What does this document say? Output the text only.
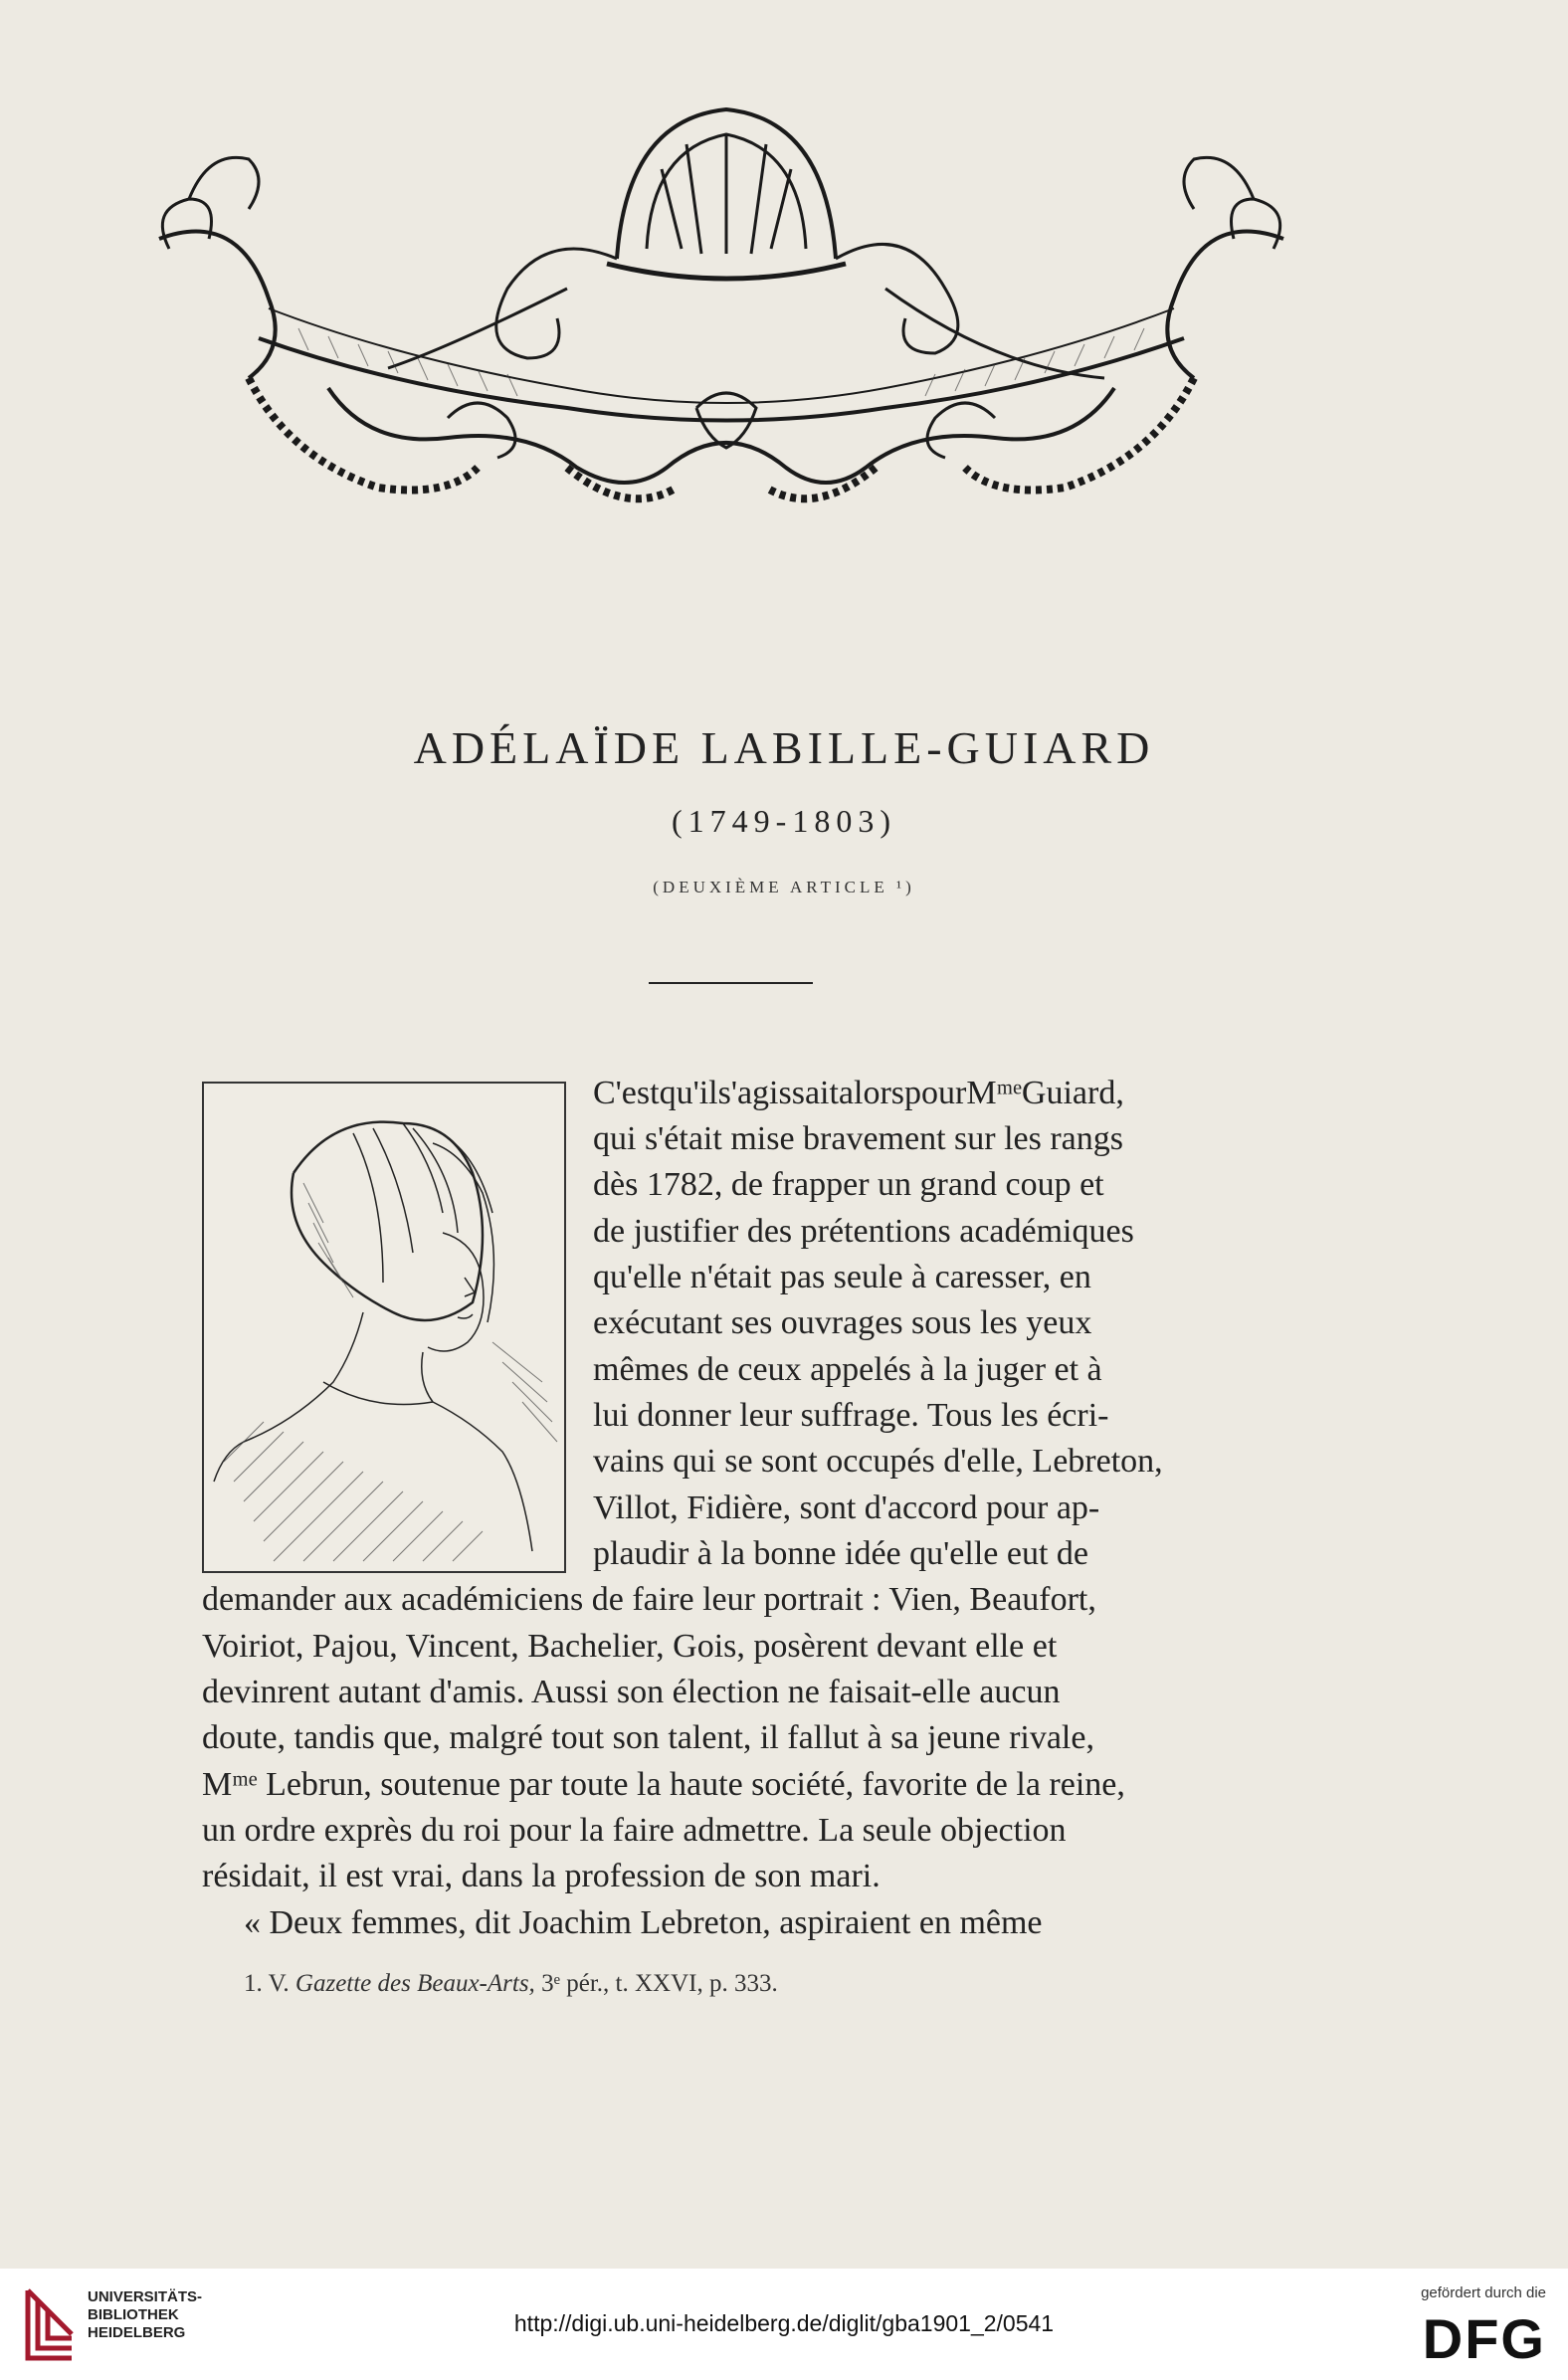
ADÉLAÏDE LABILLE-GUIARD
(1749-1803)
(DEUXIÈME ARTICLE ¹)
C'estqu'ils'agissaitalorspourMᵐᵉGuiard,
qui s'était mise bravement sur les rangs
dès 1782, de frapper un grand coup et
de justifier des prétentions académiques
qu'elle n'était pas seule à caresser, en
exécutant ses ouvrages sous les yeux
mêmes de ceux appelés à la juger et à
lui donner leur suffrage. Tous les écri-
vains qui se sont occupés d'elle, Lebreton,
Villot, Fidière, sont d'accord pour ap-
plaudir à la bonne idée qu'elle eut de
demander aux académiciens de faire leur portrait : Vien, Beaufort,
Voiriot, Pajou, Vincent, Bachelier, Gois, posèrent devant elle et
devinrent autant d'amis. Aussi son élection ne faisait-elle aucun
doute, tandis que, malgré tout son talent, il fallut à sa jeune rivale,
Mᵐᵉ Lebrun, soutenue par toute la haute société, favorite de la reine,
un ordre exprès du roi pour la faire admettre. La seule objection
résidait, il est vrai, dans la profession de son mari.
« Deux femmes, dit Joachim Lebreton, aspiraient en même
1. V. Gazette des Beaux-Arts, 3ᵉ pér., t. XXVI, p. 333.
UNIVERSITÄTS-
BIBLIOTHEK
HEIDELBERG	http://digi.ub.uni-heidelberg.de/diglit/gba1901_2/0541
gefördert durch die
DFG
